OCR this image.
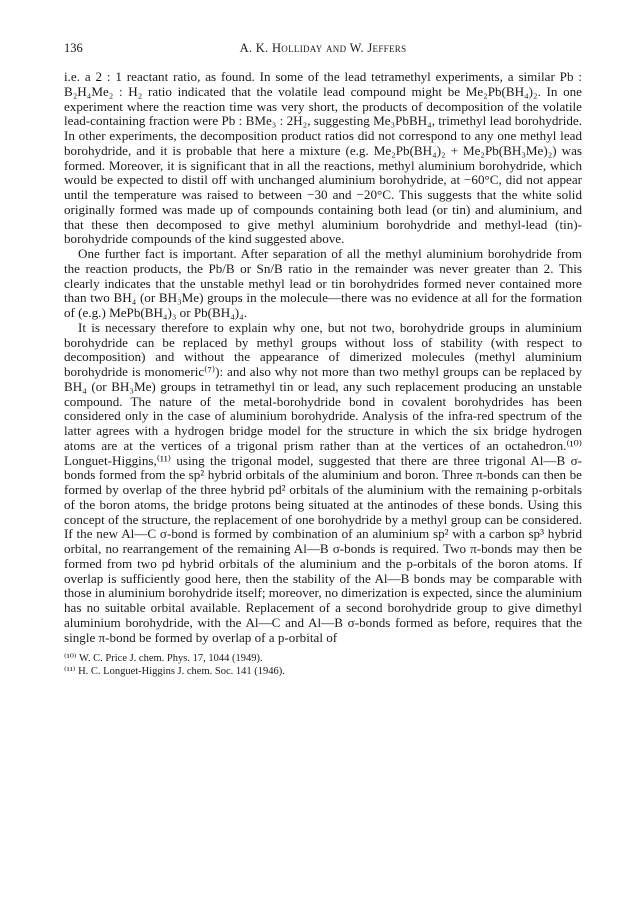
136	A. K. Holliday and W. Jeffers

i.e. a 2 : 1 reactant ratio, as found. In some of the lead tetramethyl experiments, a similar Pb : B₂H₄Me₂ : H₂ ratio indicated that the volatile lead compound might be Me₂Pb(BH₄)₂. In one experiment where the reaction time was very short, the products of decomposition of the volatile lead-containing fraction were Pb : BMe₃ : 2H₂, suggesting Me₃PbBH₄, trimethyl lead borohydride. In other experiments, the decomposition product ratios did not correspond to any one methyl lead borohydride, and it is probable that here a mixture (e.g. Me₂Pb(BH₄)₂ + Me₂Pb(BH₃Me)₂) was formed. Moreover, it is significant that in all the reactions, methyl aluminium borohydride, which would be expected to distil off with unchanged aluminium borohydride, at −60°C, did not appear until the temperature was raised to between −30 and −20°C. This suggests that the white solid originally formed was made up of compounds containing both lead (or tin) and aluminium, and that these then decomposed to give methyl aluminium borohydride and methyl-lead (tin)-borohydride compounds of the kind suggested above.

One further fact is important. After separation of all the methyl aluminium borohydride from the reaction products, the Pb/B or Sn/B ratio in the remainder was never greater than 2. This clearly indicates that the unstable methyl lead or tin borohydrides formed never contained more than two BH₄ (or BH₃Me) groups in the molecule—there was no evidence at all for the formation of (e.g.) MePb(BH₄)₃ or Pb(BH₄)₄.

It is necessary therefore to explain why one, but not two, borohydride groups in aluminium borohydride can be replaced by methyl groups without loss of stability (with respect to decomposition) and without the appearance of dimerized molecules (methyl aluminium borohydride is monomeric⁽⁷⁾): and also why not more than two methyl groups can be replaced by BH₄ (or BH₃Me) groups in tetramethyl tin or lead, any such replacement producing an unstable compound. The nature of the metal-borohydride bond in covalent borohydrides has been considered only in the case of aluminium borohydride. Analysis of the infra-red spectrum of the latter agrees with a hydrogen bridge model for the structure in which the six bridge hydrogen atoms are at the vertices of a trigonal prism rather than at the vertices of an octahedron.⁽¹⁰⁾ Longuet-Higgins,⁽¹¹⁾ using the trigonal model, suggested that there are three trigonal Al—B σ-bonds formed from the sp² hybrid orbitals of the aluminium and boron. Three π-bonds can then be formed by overlap of the three hybrid pd² orbitals of the aluminium with the remaining p-orbitals of the boron atoms, the bridge protons being situated at the antinodes of these bonds. Using this concept of the structure, the replacement of one borohydride by a methyl group can be considered. If the new Al—C σ-bond is formed by combination of an aluminium sp² with a carbon sp³ hybrid orbital, no rearrangement of the remaining Al—B σ-bonds is required. Two π-bonds may then be formed from two pd hybrid orbitals of the aluminium and the p-orbitals of the boron atoms. If overlap is sufficiently good here, then the stability of the Al—B bonds may be comparable with those in aluminium borohydride itself; moreover, no dimerization is expected, since the aluminium has no suitable orbital available. Replacement of a second borohydride group to give dimethyl aluminium borohydride, with the Al—C and Al—B σ-bonds formed as before, requires that the single π-bond be formed by overlap of a p-orbital of

⁽¹⁰⁾ W. C. Price J. chem. Phys. 17, 1044 (1949).

⁽¹¹⁾ H. C. Longuet-Higgins J. chem. Soc. 141 (1946).
